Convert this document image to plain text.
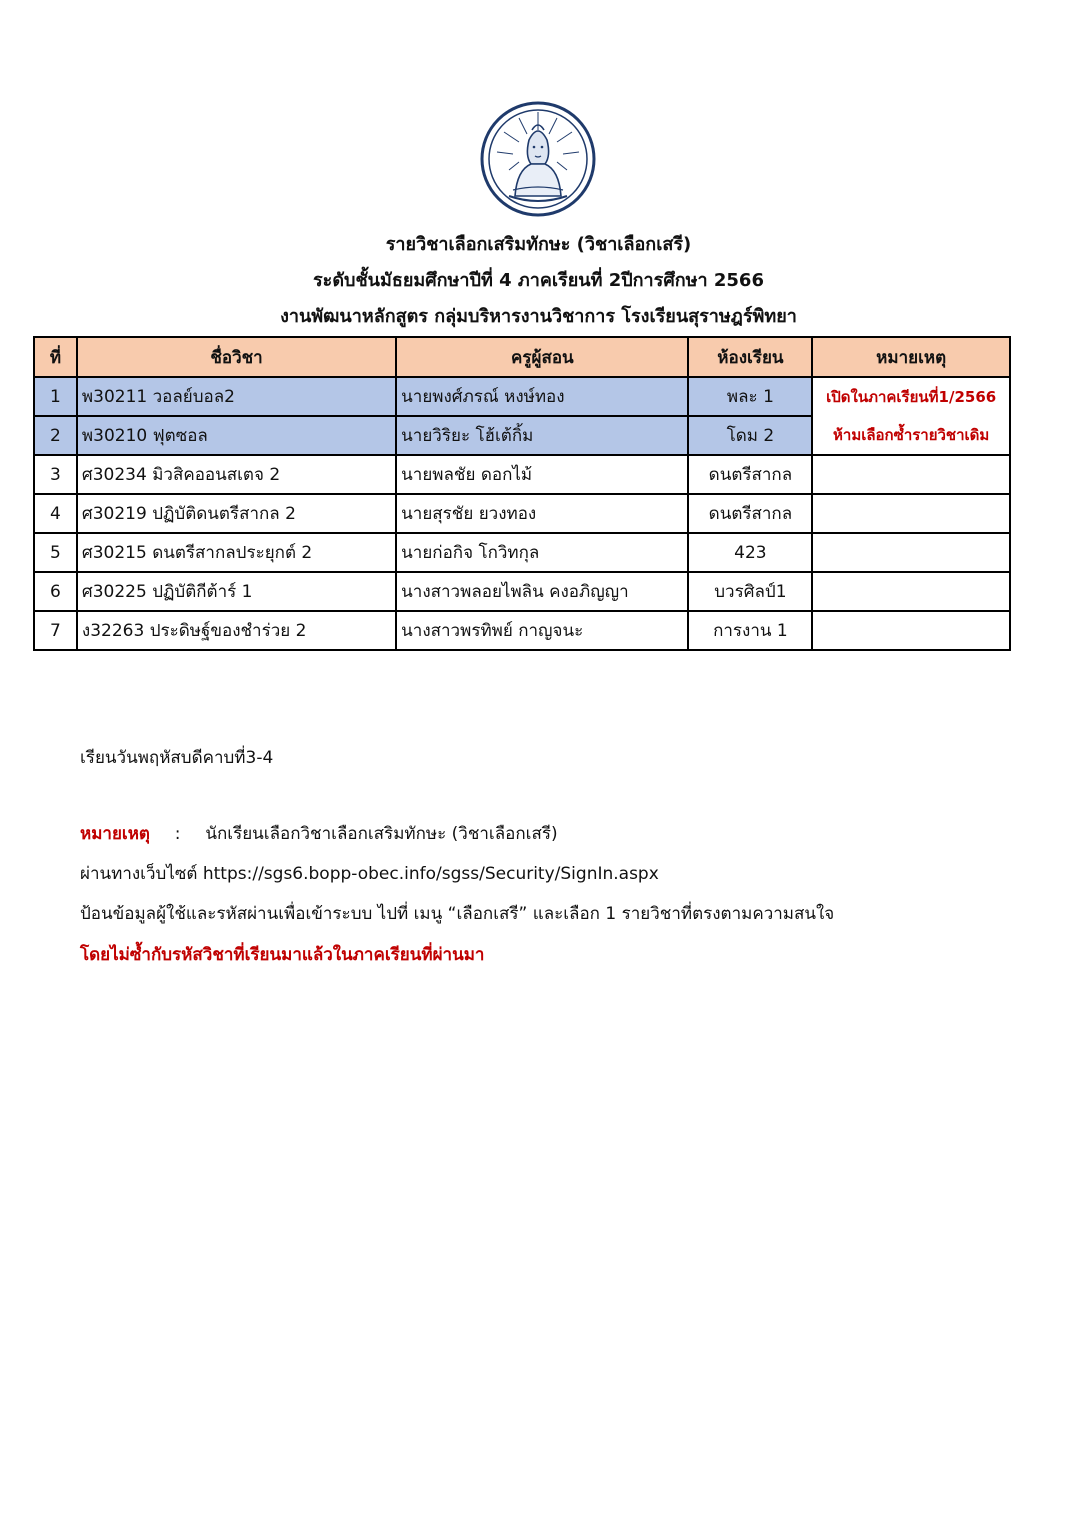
รายวิชาเลือกเสริมทักษะ (วิชาเลือกเสรี)
ระดับชั้นมัธยมศึกษาปีที่ 4 ภาคเรียนที่ 2ปีการศึกษา 2566
งานพัฒนาหลักสูตร กลุ่มบริหารงานวิชาการ โรงเรียนสุราษฎร์พิทยา
ที่	ชื่อวิชา	ครูผู้สอน	ห้องเรียน	หมายเหตุ
1	พ30211 วอลย์บอล2	นายพงศ์ภรณ์ หงษ์ทอง	พละ 1	เปิดในภาคเรียนที่1/2566
2	พ30210 ฟุตซอล	นายวิริยะ โฮ้เต้กิ้ม	โดม 2	ห้ามเลือกซ้ำรายวิชาเดิม
3	ศ30234 มิวสิคออนสเตจ 2	นายพลชัย ดอกไม้	ดนตรีสากล	
4	ศ30219 ปฏิบัติดนตรีสากล 2	นายสุรชัย ยวงทอง	ดนตรีสากล	
5	ศ30215 ดนตรีสากลประยุกต์ 2	นายก่อกิจ โกวิทกุล	423	
6	ศ30225 ปฏิบัติกีต้าร์ 1	นางสาวพลอยไพลิน คงอภิญญา	บวรศิลป์1	
7	ง32263 ประดิษฐ์ของชำร่วย 2	นางสาวพรทิพย์ กาญจนะ	การงาน 1	
เรียนวันพฤหัสบดีคาบที่3-4
หมายเหตุ : นักเรียนเลือกวิชาเลือกเสริมทักษะ (วิชาเลือกเสรี)
ผ่านทางเว็บไซต์ https://sgs6.bopp-obec.info/sgss/Security/SignIn.aspx
ป้อนข้อมูลผู้ใช้และรหัสผ่านเพื่อเข้าระบบ ไปที่ เมนู “เลือกเสรี” และเลือก 1 รายวิชาที่ตรงตามความสนใจ
โดยไม่ซ้ำกับรหัสวิชาที่เรียนมาแล้วในภาคเรียนที่ผ่านมา
